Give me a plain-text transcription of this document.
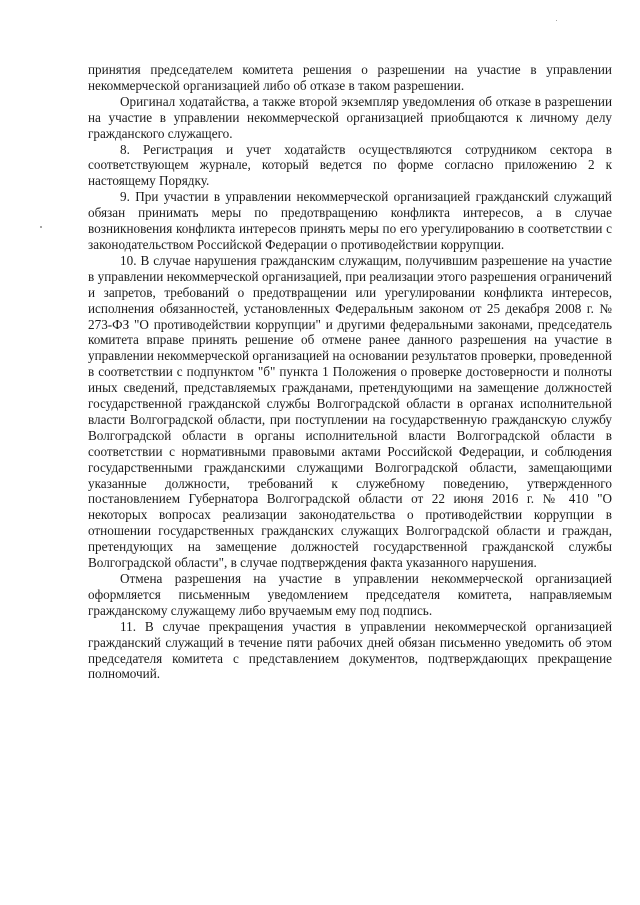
принятия председателем комитета решения о разрешении на участие в управлении некоммерческой организацией либо об отказе в таком разрешении.

Оригинал ходатайства, а также второй экземпляр уведомления об отказе в разрешении на участие в управлении некоммерческой организацией приобщаются к личному делу гражданского служащего.

8. Регистрация и учет ходатайств осуществляются сотрудником сектора в соответствующем журнале, который ведется по форме согласно приложению 2 к настоящему Порядку.

9. При участии в управлении некоммерческой организацией гражданский служащий обязан принимать меры по предотвращению конфликта интересов, а в случае возникновения конфликта интересов принять меры по его урегулированию в соответствии с законодательством Российской Федерации о противодействии коррупции.

10. В случае нарушения гражданским служащим, получившим разрешение на участие в управлении некоммерческой организацией, при реализации этого разрешения ограничений и запретов, требований о предотвращении или урегулировании конфликта интересов, исполнения обязанностей, установленных Федеральным законом от 25 декабря 2008 г. № 273-ФЗ "О противодействии коррупции" и другими федеральными законами, председатель комитета вправе принять решение об отмене ранее данного разрешения на участие в управлении некоммерческой организацией на основании результатов проверки, проведенной в соответствии с подпунктом "б" пункта 1 Положения о проверке достоверности и полноты иных сведений, представляемых гражданами, претендующими на замещение должностей государственной гражданской службы Волгоградской области в органах исполнительной власти Волгоградской области, при поступлении на государственную гражданскую службу Волгоградской области в органы исполнительной власти Волгоградской области в соответствии с нормативными правовыми актами Российской Федерации, и соблюдения государственными гражданскими служащими Волгоградской области, замещающими указанные должности, требований к служебному поведению, утвержденного постановлением Губернатора Волгоградской области от 22 июня 2016 г. № 410 "О некоторых вопросах реализации законодательства о противодействии коррупции в отношении государственных гражданских служащих Волгоградской области и граждан, претендующих на замещение должностей государственной гражданской службы Волгоградской области", в случае подтверждения факта указанного нарушения.

Отмена разрешения на участие в управлении некоммерческой организацией оформляется письменным уведомлением председателя комитета, направляемым гражданскому служащему либо вручаемым ему под подпись.

11. В случае прекращения участия в управлении некоммерческой организацией гражданский служащий в течение пяти рабочих дней обязан письменно уведомить об этом председателя комитета с представлением документов, подтверждающих прекращение полномочий.
